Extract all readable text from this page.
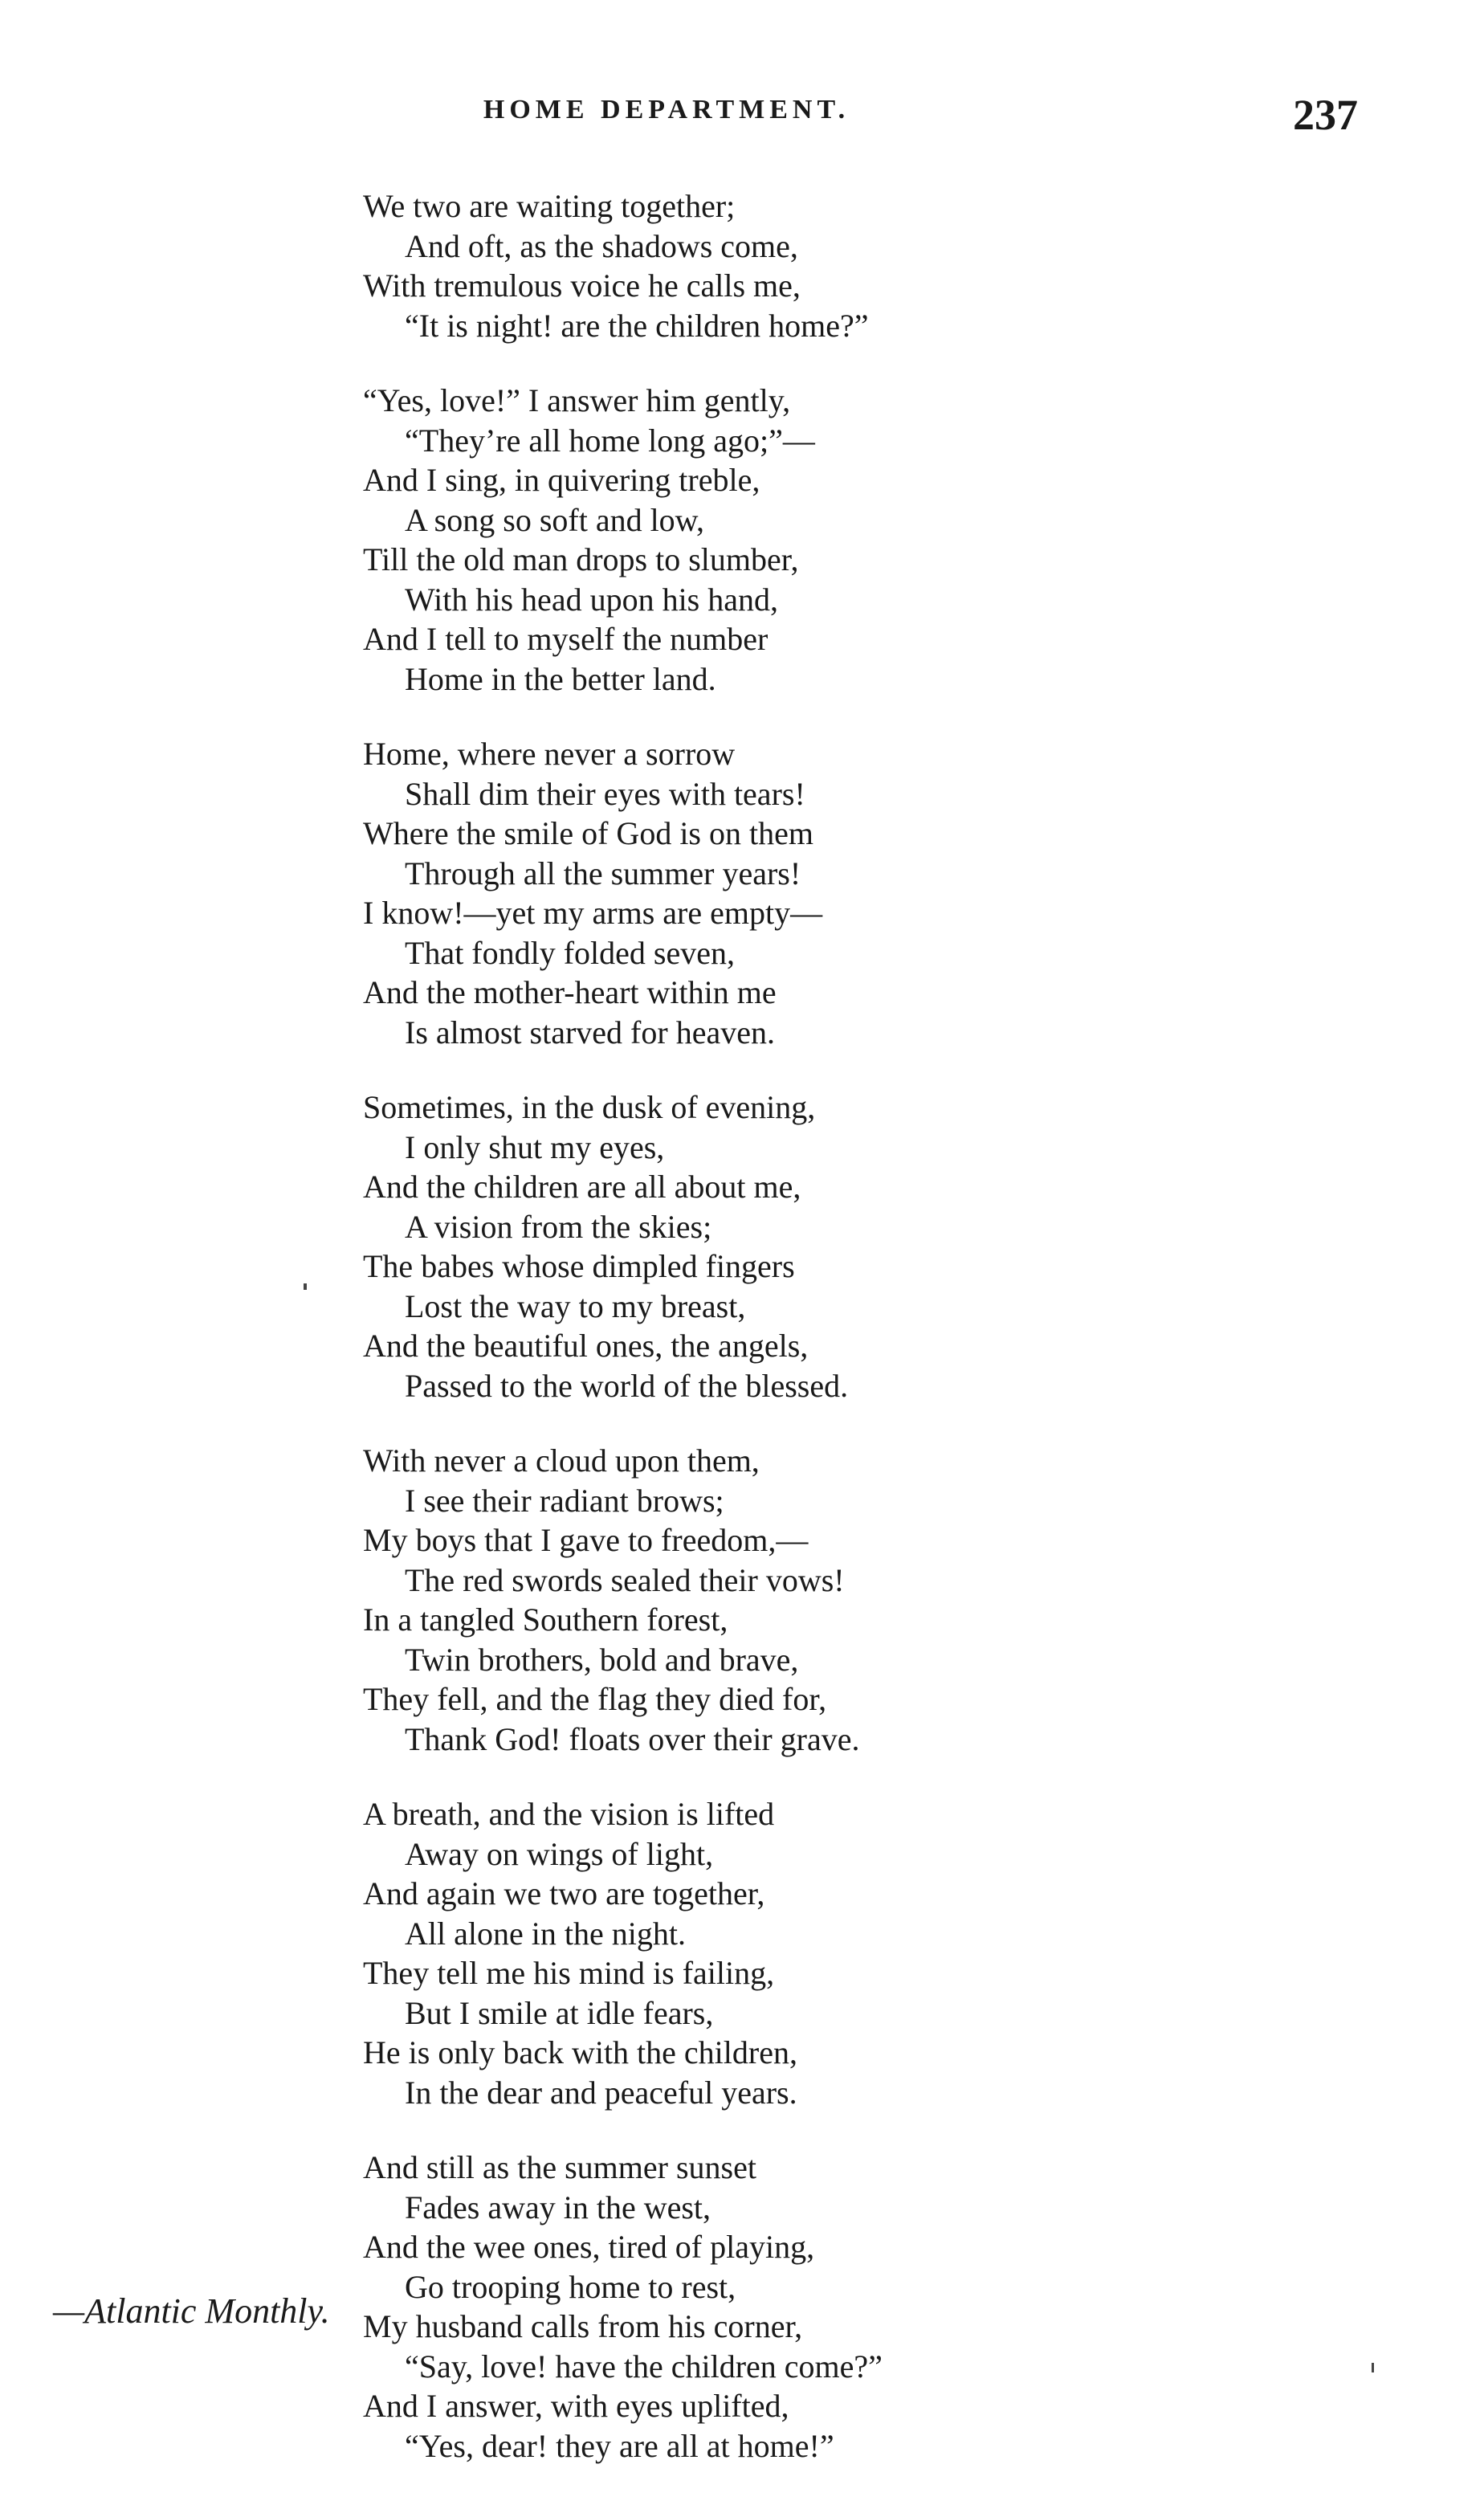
HOME DEPARTMENT.	237
We two are waiting together;
And oft, as the shadows come,
With tremulous voice he calls me,
“It is night! are the children home?”
“Yes, love!” I answer him gently,
“They’re all home long ago;”—
And I sing, in quivering treble,
A song so soft and low,
Till the old man drops to slumber,
With his head upon his hand,
And I tell to myself the number
Home in the better land.
Home, where never a sorrow
Shall dim their eyes with tears!
Where the smile of God is on them
Through all the summer years!
I know!—yet my arms are empty—
That fondly folded seven,
And the mother-heart within me
Is almost starved for heaven.
Sometimes, in the dusk of evening,
I only shut my eyes,
And the children are all about me,
A vision from the skies;
The babes whose dimpled fingers
Lost the way to my breast,
And the beautiful ones, the angels,
Passed to the world of the blessed.
With never a cloud upon them,
I see their radiant brows;
My boys that I gave to freedom,—
The red swords sealed their vows!
In a tangled Southern forest,
Twin brothers, bold and brave,
They fell, and the flag they died for,
Thank God! floats over their grave.
A breath, and the vision is lifted
Away on wings of light,
And again we two are together,
All alone in the night.
They tell me his mind is failing,
But I smile at idle fears,
He is only back with the children,
In the dear and peaceful years.
And still as the summer sunset
Fades away in the west,
And the wee ones, tired of playing,
Go trooping home to rest,
My husband calls from his corner,
“Say, love! have the children come?”
And I answer, with eyes uplifted,
“Yes, dear! they are all at home!”
—Atlantic Monthly.
